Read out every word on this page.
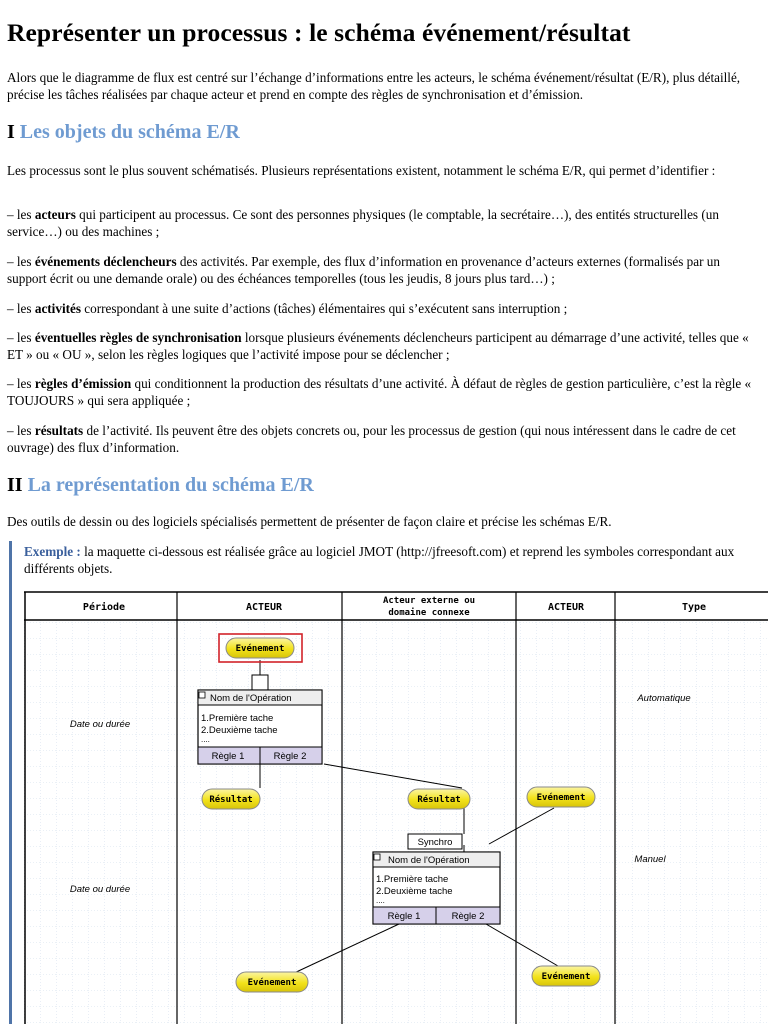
Représenter un processus : le schéma événement/résultat

Alors que le diagramme de flux est centré sur l’échange d’informations entre les acteurs, le schéma événement/résultat (E/R), plus détaillé, précise les tâches réalisées par chaque acteur et prend en compte des règles de synchronisation et d’émission.

I Les objets du schéma E/R

Les processus sont le plus souvent schématisés. Plusieurs représentations existent, notamment le schéma E/R, qui permet d’identifier :

– les acteurs qui participent au processus. Ce sont des personnes physiques (le comptable, la secrétaire…), des entités structurelles (un service…) ou des machines ;

– les événements déclencheurs des activités. Par exemple, des flux d’information en provenance d’acteurs externes (formalisés par un support écrit ou une demande orale) ou des échéances temporelles (tous les jeudis, 8 jours plus tard…) ;

– les activités correspondant à une suite d’actions (tâches) élémentaires qui s’exécutent sans interruption ;

– les éventuelles règles de synchronisation lorsque plusieurs événements déclencheurs participent au démarrage d’une activité, telles que « ET » ou « OU », selon les règles logiques que l’activité impose pour se déclencher ;

– les règles d’émission qui conditionnent la production des résultats d’une activité. À défaut de règles de gestion particulière, c’est la règle « TOUJOURS » qui sera appliquée ;

– les résultats de l’activité. Ils peuvent être des objets concrets ou, pour les processus de gestion (qui nous intéressent dans le cadre de cet ouvrage) des flux d’information.

II La représentation du schéma E/R

Des outils de dessin ou des logiciels spécialisés permettent de présenter de façon claire et précise les schémas E/R.

Exemple : la maquette ci-dessous est réalisée grâce au logiciel JMOT (http://jfreesoft.com) et reprend les symboles correspondant aux différents objets.
Période	ACTEUR
Acteur externe ou
domaine connexe	ACTEUR	Type
Date ou durée
Date ou durée
Automatique
Manuel
Evénement
Nom de l'Opération
1.Première tache
2.Deuxième tache
....
Règle 1	Règle 2
Résultat	Résultat	Evénement
Synchro
Nom de l'Opération
1.Première tache
2.Deuxième tache
....
Règle 1	Règle 2
Evénement
Evénement
